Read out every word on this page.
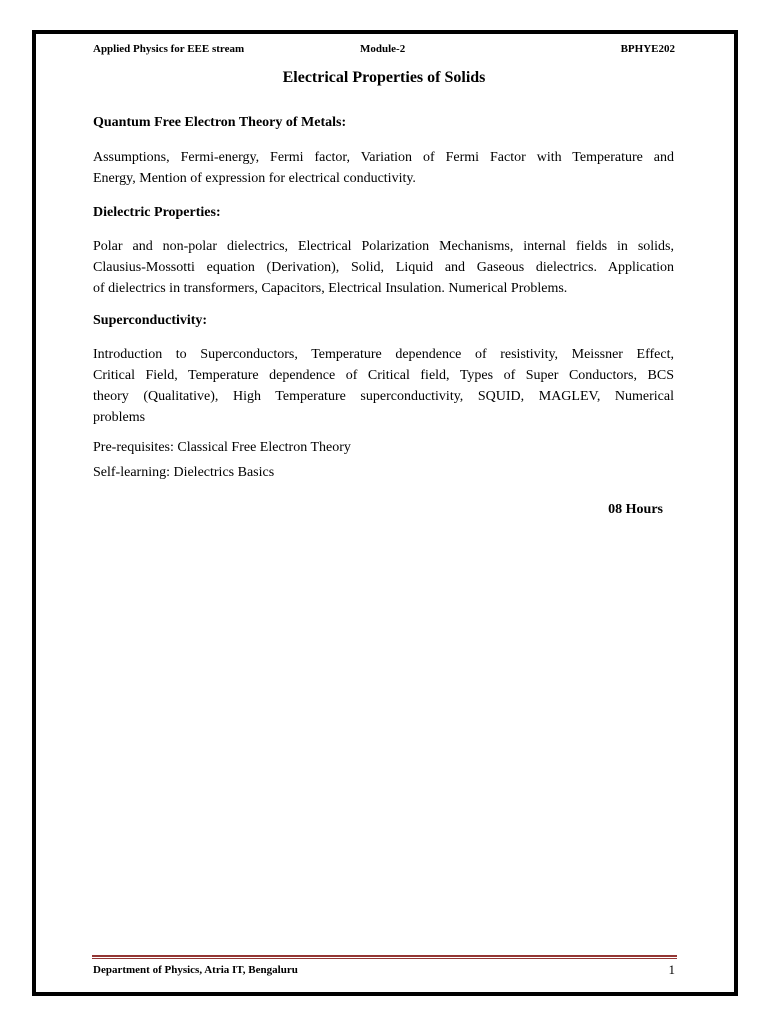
Applied Physics for EEE stream	Module-2	BPHYE202
Electrical Properties of Solids
Quantum Free Electron Theory of Metals:
Assumptions, Fermi-energy, Fermi factor, Variation of Fermi Factor with Temperature and
Energy, Mention of expression for electrical conductivity.
Dielectric Properties:
Polar and non-polar dielectrics, Electrical Polarization Mechanisms, internal fields in solids,
Clausius-Mossotti equation (Derivation), Solid, Liquid and Gaseous dielectrics. Application
of dielectrics in transformers, Capacitors, Electrical Insulation. Numerical Problems.
Superconductivity:
Introduction to Superconductors, Temperature dependence of resistivity, Meissner Effect,
Critical Field, Temperature dependence of Critical field, Types of Super Conductors, BCS
theory (Qualitative), High Temperature superconductivity, SQUID, MAGLEV, Numerical
problems
Pre-requisites: Classical Free Electron Theory
Self-learning: Dielectrics Basics
08 Hours
Department of Physics, Atria IT, Bengaluru	1
